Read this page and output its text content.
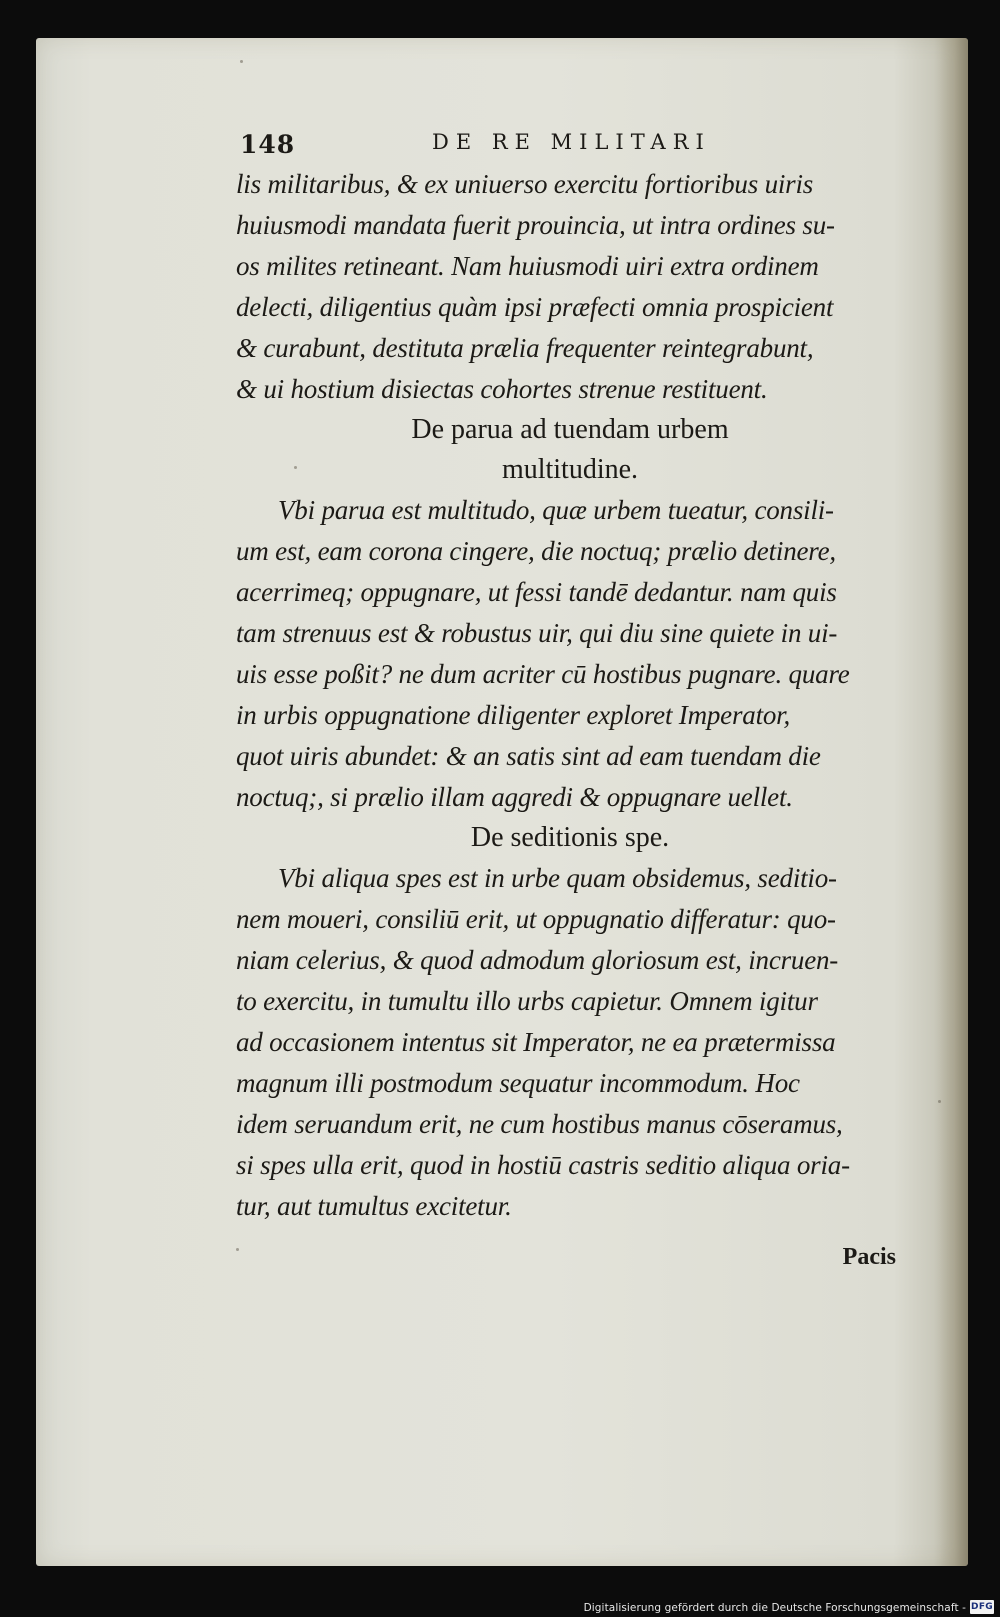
148	DE RE MILITARI
lis militaribus, & ex uniuerso exercitu fortioribus uiris
huiusmodi mandata fuerit prouincia, ut intra ordines su-
os milites retineant. Nam huiusmodi uiri extra ordinem
delecti, diligentius quàm ipsi præfecti omnia prospicient
& curabunt, destituta prælia frequenter reintegrabunt,
& ui hostium disiectas cohortes strenue restituent.
De parua ad tuendam urbem
multitudine.
Vbi parua est multitudo, quæ urbem tueatur, consili-
um est, eam corona cingere, die noctuq; prælio detinere,
acerrimeq; oppugnare, ut fessi tandē dedantur. nam quis
tam strenuus est & robustus uir, qui diu sine quiete in ui-
uis esse poßit? ne dum acriter cū hostibus pugnare. quare
in urbis oppugnatione diligenter exploret Imperator,
quot uiris abundet: & an satis sint ad eam tuendam die
noctuq;, si prælio illam aggredi & oppugnare uellet.
De seditionis spe.
Vbi aliqua spes est in urbe quam obsidemus, seditio-
nem moueri, consiliū erit, ut oppugnatio differatur: quo-
niam celerius, & quod admodum gloriosum est, incruen-
to exercitu, in tumultu illo urbs capietur. Omnem igitur
ad occasionem intentus sit Imperator, ne ea prætermissa
magnum illi postmodum sequatur incommodum. Hoc
idem seruandum erit, ne cum hostibus manus cōseramus,
si spes ulla erit, quod in hostiū castris seditio aliqua oria-
tur, aut tumultus excitetur.
Pacis
Digitalisierung gefördert durch die Deutsche Forschungsgemeinschaft - DFG
